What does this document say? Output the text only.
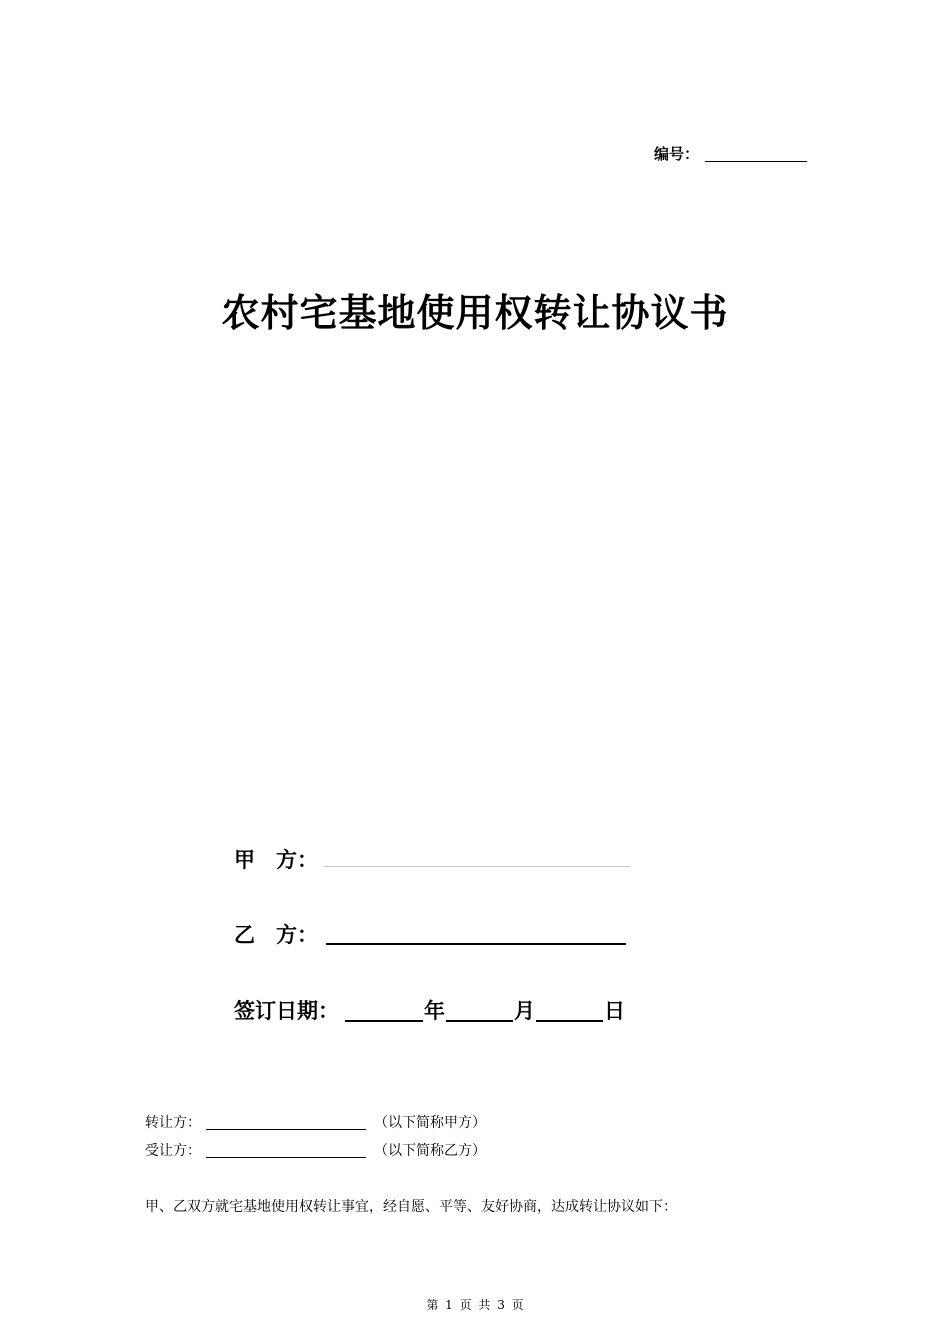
编号：
农村宅基地使用权转让协议书
甲　方：
乙　方：
签订日期：	年	月	日
转让方：	（以下简称甲方）
受让方：	（以下简称乙方）
甲、乙双方就宅基地使用权转让事宜，经自愿、平等、友好协商，达成转让协议如下：
第 1 页 共 3 页
